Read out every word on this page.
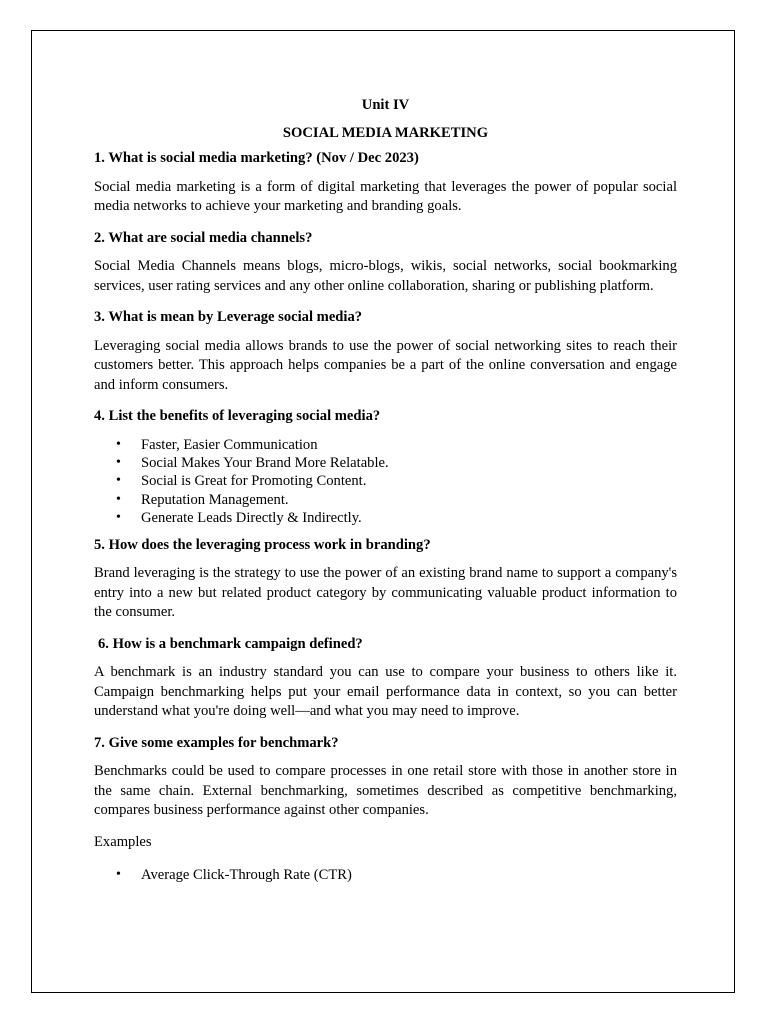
Unit IV

SOCIAL MEDIA MARKETING

1. What is social media marketing? (Nov / Dec 2023)

Social media marketing is a form of digital marketing that leverages the power of popular social media networks to achieve your marketing and branding goals.

2. What are social media channels?

Social Media Channels means blogs, micro-blogs, wikis, social networks, social bookmarking services, user rating services and any other online collaboration, sharing or publishing platform.

3. What is mean by Leverage social media?

Leveraging social media allows brands to use the power of social networking sites to reach their customers better. This approach helps companies be a part of the online conversation and engage and inform consumers.

4. List the benefits of leveraging social media?

• Faster, Easier Communication
• Social Makes Your Brand More Relatable.
• Social is Great for Promoting Content.
• Reputation Management.
• Generate Leads Directly & Indirectly.

5. How does the leveraging process work in branding?

Brand leveraging is the strategy to use the power of an existing brand name to support a company's entry into a new but related product category by communicating valuable product information to the consumer.

6. How is a benchmark campaign defined?

A benchmark is an industry standard you can use to compare your business to others like it. Campaign benchmarking helps put your email performance data in context, so you can better understand what you're doing well—and what you may need to improve.

7. Give some examples for benchmark?

Benchmarks could be used to compare processes in one retail store with those in another store in the same chain. External benchmarking, sometimes described as competitive benchmarking, compares business performance against other companies.

Examples

• Average Click-Through Rate (CTR)
